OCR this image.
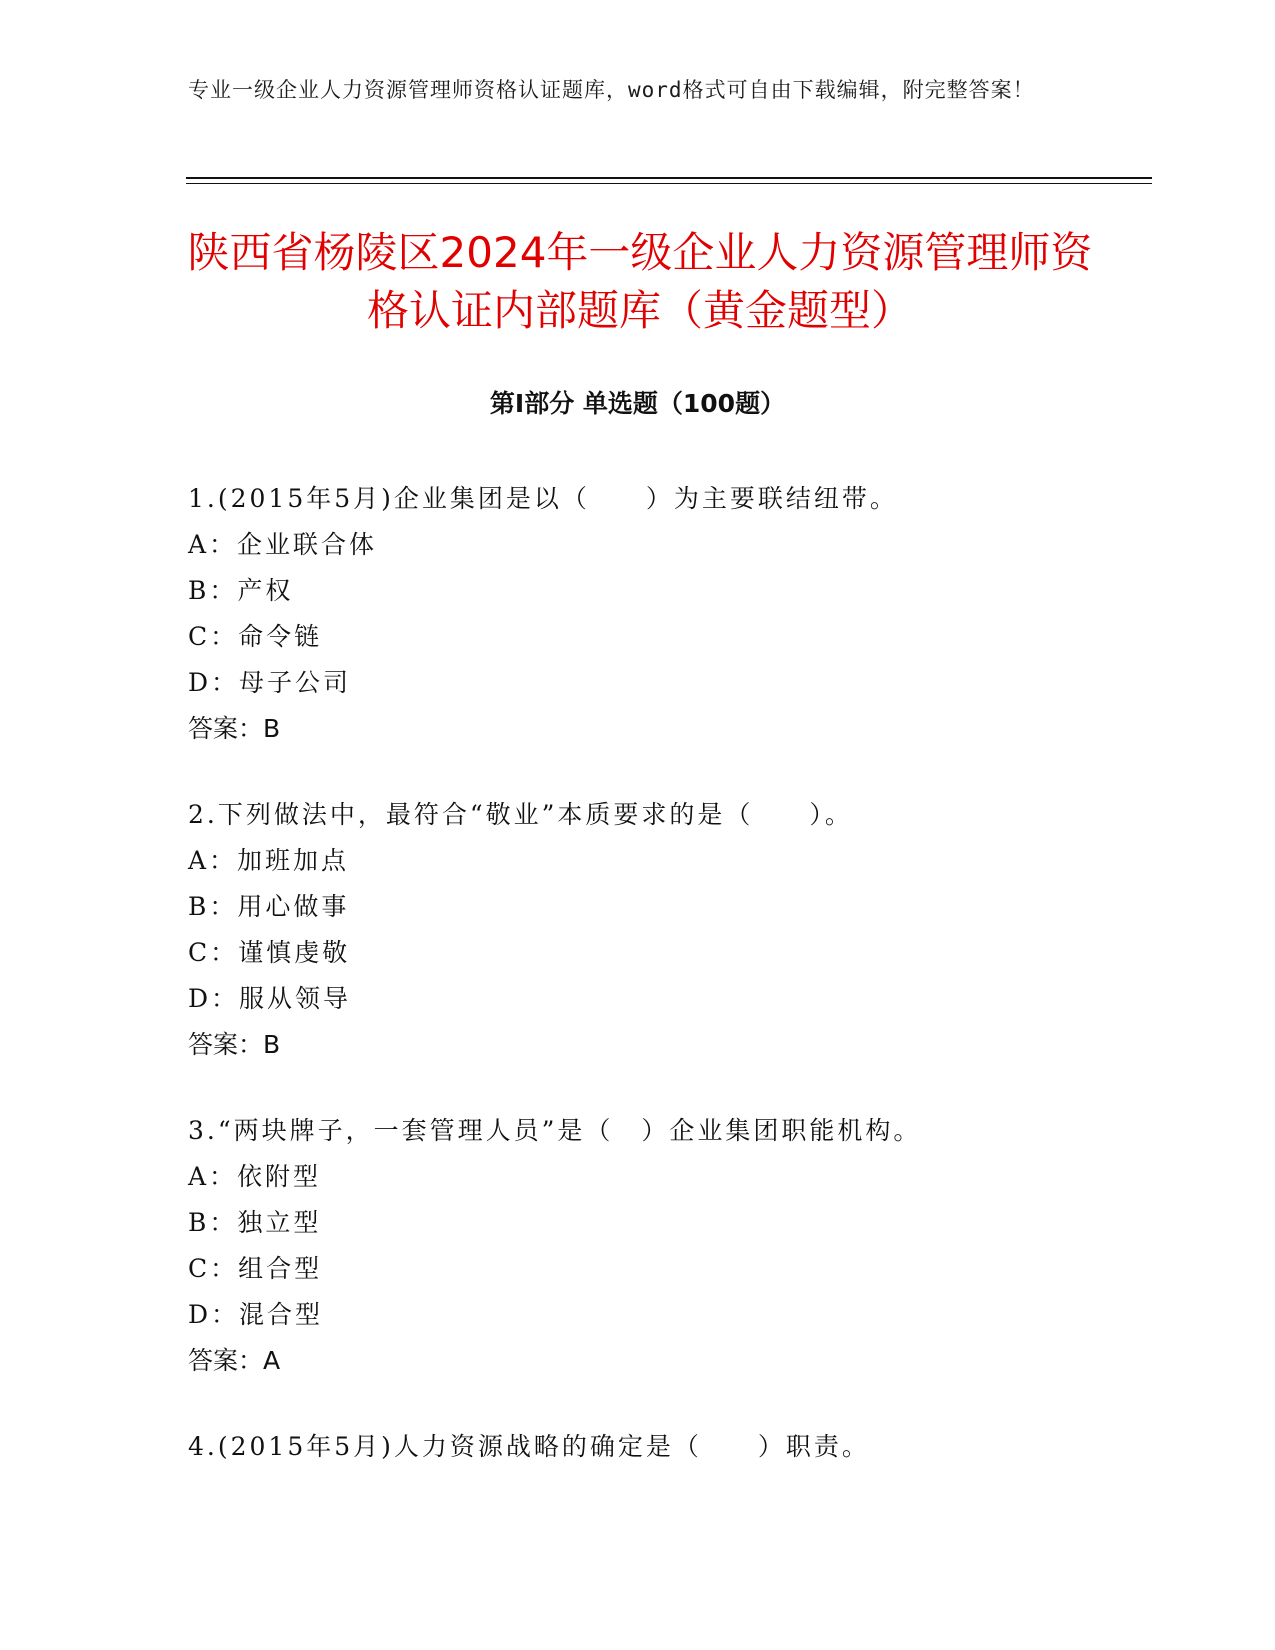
专业一级企业人力资源管理师资格认证题库，word格式可自由下载编辑，附完整答案！
陕西省杨陵区2024年一级企业人力资源管理师资格认证内部题库（黄金题型）
第I部分 单选题（100题）
1.(2015年5月)企业集团是以（　　）为主要联结纽带。
A：企业联合体
B：产权
C：命令链
D：母子公司
答案：B
2.下列做法中，最符合“敬业”本质要求的是（　　）。
A：加班加点
B：用心做事
C：谨慎虔敬
D：服从领导
答案：B
3.“两块牌子，一套管理人员”是（　）企业集团职能机构。
A：依附型
B：独立型
C：组合型
D：混合型
答案：A
4.(2015年5月)人力资源战略的确定是（　　）职责。
